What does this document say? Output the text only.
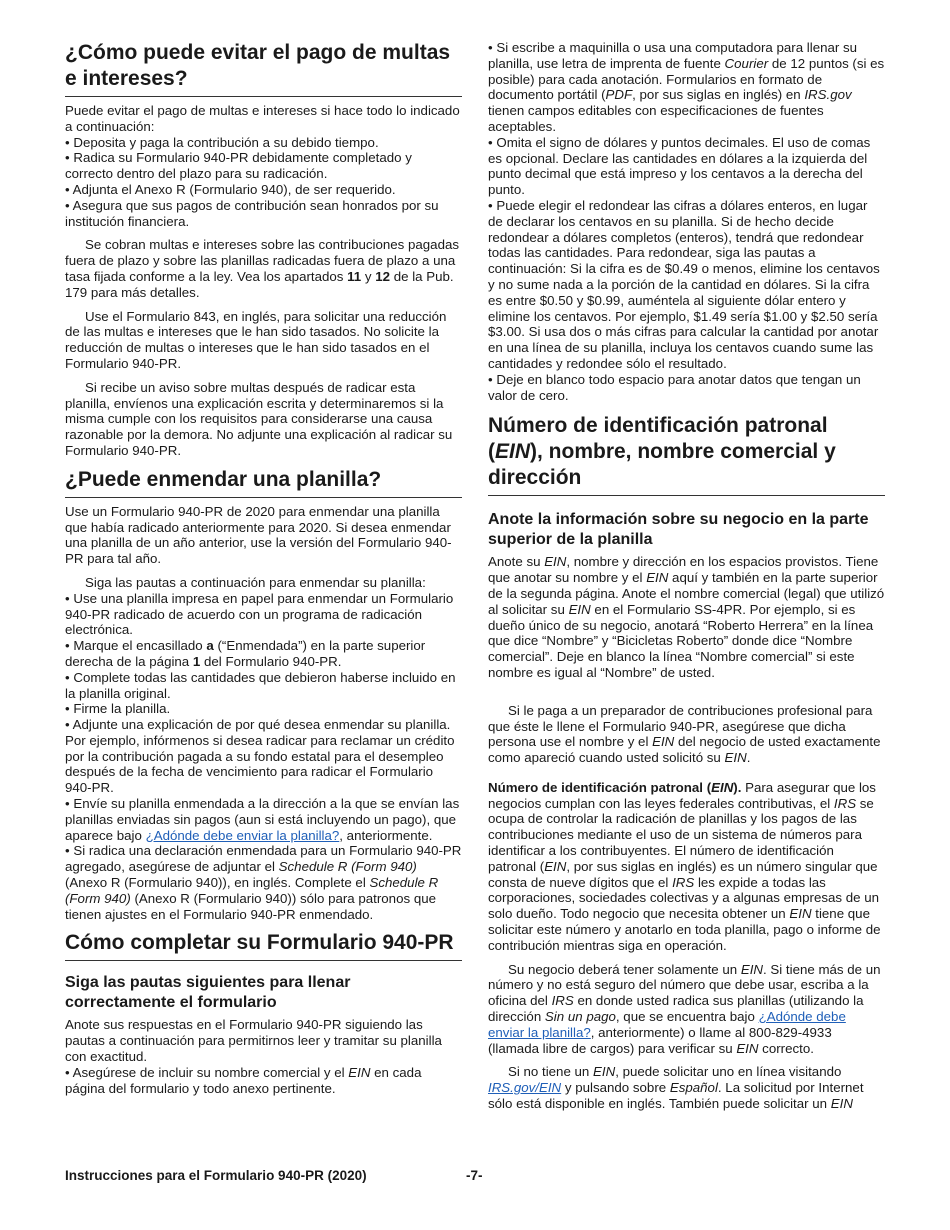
¿Cómo puede evitar el pago de multas e intereses?

Puede evitar el pago de multas e intereses si hace todo lo indicado a continuación:

• Deposita y paga la contribución a su debido tiempo.

• Radica su Formulario 940-PR debidamente completado y correcto dentro del plazo para su radicación.

• Adjunta el Anexo R (Formulario 940), de ser requerido.

• Asegura que sus pagos de contribución sean honrados por su institución financiera.

Se cobran multas e intereses sobre las contribuciones pagadas fuera de plazo y sobre las planillas radicadas fuera de plazo a una tasa fijada conforme a la ley. Vea los apartados 11 y 12 de la Pub. 179 para más detalles.

Use el Formulario 843, en inglés, para solicitar una reducción de las multas e intereses que le han sido tasados. No solicite la reducción de multas o intereses que le han sido tasados en el Formulario 940-PR.

Si recibe un aviso sobre multas después de radicar esta planilla, envíenos una explicación escrita y determinaremos si la misma cumple con los requisitos para considerarse una causa razonable por la demora. No adjunte una explicación al radicar su Formulario 940-PR.

¿Puede enmendar una planilla?

Use un Formulario 940-PR de 2020 para enmendar una planilla que había radicado anteriormente para 2020. Si desea enmendar una planilla de un año anterior, use la versión del Formulario 940-PR para tal año.

Siga las pautas a continuación para enmendar su planilla:

• Use una planilla impresa en papel para enmendar un Formulario 940-PR radicado de acuerdo con un programa de radicación electrónica.

• Marque el encasillado a (“Enmendada”) en la parte superior derecha de la página 1 del Formulario 940-PR.

• Complete todas las cantidades que debieron haberse incluido en la planilla original.

• Firme la planilla.

• Adjunte una explicación de por qué desea enmendar su planilla. Por ejemplo, infórmenos si desea radicar para reclamar un crédito por la contribución pagada a su fondo estatal para el desempleo después de la fecha de vencimiento para radicar el Formulario 940-PR.

• Envíe su planilla enmendada a la dirección a la que se envían las planillas enviadas sin pagos (aun si está incluyendo un pago), que aparece bajo ¿Adónde debe enviar la planilla?, anteriormente.

• Si radica una declaración enmendada para un Formulario 940-PR agregado, asegúrese de adjuntar el Schedule R (Form 940) (Anexo R (Formulario 940)), en inglés. Complete el Schedule R (Form 940) (Anexo R (Formulario 940)) sólo para patronos que tienen ajustes en el Formulario 940-PR enmendado.

Cómo completar su Formulario 940-PR
Siga las pautas siguientes para llenar correctamente el formulario

Anote sus respuestas en el Formulario 940-PR siguiendo las pautas a continuación para permitirnos leer y tramitar su planilla con exactitud.

• Asegúrese de incluir su nombre comercial y el EIN en cada página del formulario y todo anexo pertinente.

• Si escribe a maquinilla o usa una computadora para llenar su planilla, use letra de imprenta de fuente Courier de 12 puntos (si es posible) para cada anotación. Formularios en formato de documento portátil (PDF, por sus siglas en inglés) en IRS.gov tienen campos editables con especificaciones de fuentes aceptables.

• Omita el signo de dólares y puntos decimales. El uso de comas es opcional. Declare las cantidades en dólares a la izquierda del punto decimal que está impreso y los centavos a la derecha del punto.

• Puede elegir el redondear las cifras a dólares enteros, en lugar de declarar los centavos en su planilla. Si de hecho decide redondear a dólares completos (enteros), tendrá que redondear todas las cantidades. Para redondear, siga las pautas a continuación: Si la cifra es de $0.49 o menos, elimine los centavos y no sume nada a la porción de la cantidad en dólares. Si la cifra es entre $0.50 y $0.99, auméntela al siguiente dólar entero y elimine los centavos. Por ejemplo, $1.49 sería $1.00 y $2.50 sería $3.00. Si usa dos o más cifras para calcular la cantidad por anotar en una línea de su planilla, incluya los centavos cuando sume las cantidades y redondee sólo el resultado.

• Deje en blanco todo espacio para anotar datos que tengan un valor de cero.

Número de identificación patronal (EIN), nombre, nombre comercial y dirección
Anote la información sobre su negocio en la parte superior de la planilla

Anote su EIN, nombre y dirección en los espacios provistos. Tiene que anotar su nombre y el EIN aquí y también en la parte superior de la segunda página. Anote el nombre comercial (legal) que utilizó al solicitar su EIN en el Formulario SS-4PR. Por ejemplo, si es dueño único de su negocio, anotará “Roberto Herrera” en la línea que dice “Nombre” y “Bicicletas Roberto” donde dice “Nombre comercial”. Deje en blanco la línea “Nombre comercial” si este nombre es igual al “Nombre” de usted.

Si le paga a un preparador de contribuciones profesional para que éste le llene el Formulario 940-PR, asegúrese que dicha persona use el nombre y el EIN del negocio de usted exactamente como apareció cuando usted solicitó su EIN.

Número de identificación patronal (EIN). Para asegurar que los negocios cumplan con las leyes federales contributivas, el IRS se ocupa de controlar la radicación de planillas y los pagos de las contribuciones mediante el uso de un sistema de números para identificar a los contribuyentes. El número de identificación patronal (EIN, por sus siglas en inglés) es un número singular que consta de nueve dígitos que el IRS les expide a todas las corporaciones, sociedades colectivas y a algunas empresas de un solo dueño. Todo negocio que necesita obtener un EIN tiene que solicitar este número y anotarlo en toda planilla, pago o informe de contribución mientras siga en operación.

Su negocio deberá tener solamente un EIN. Si tiene más de un número y no está seguro del número que debe usar, escriba a la oficina del IRS en donde usted radica sus planillas (utilizando la dirección Sin un pago, que se encuentra bajo ¿Adónde debe enviar la planilla?, anteriormente) o llame al 800-829-4933 (llamada libre de cargos) para verificar su EIN correcto.

Si no tiene un EIN, puede solicitar uno en línea visitando IRS.gov/EIN y pulsando sobre Español. La solicitud por Internet sólo está disponible en inglés. También puede solicitar un EIN

Instrucciones para el Formulario 940-PR (2020)	-7-
